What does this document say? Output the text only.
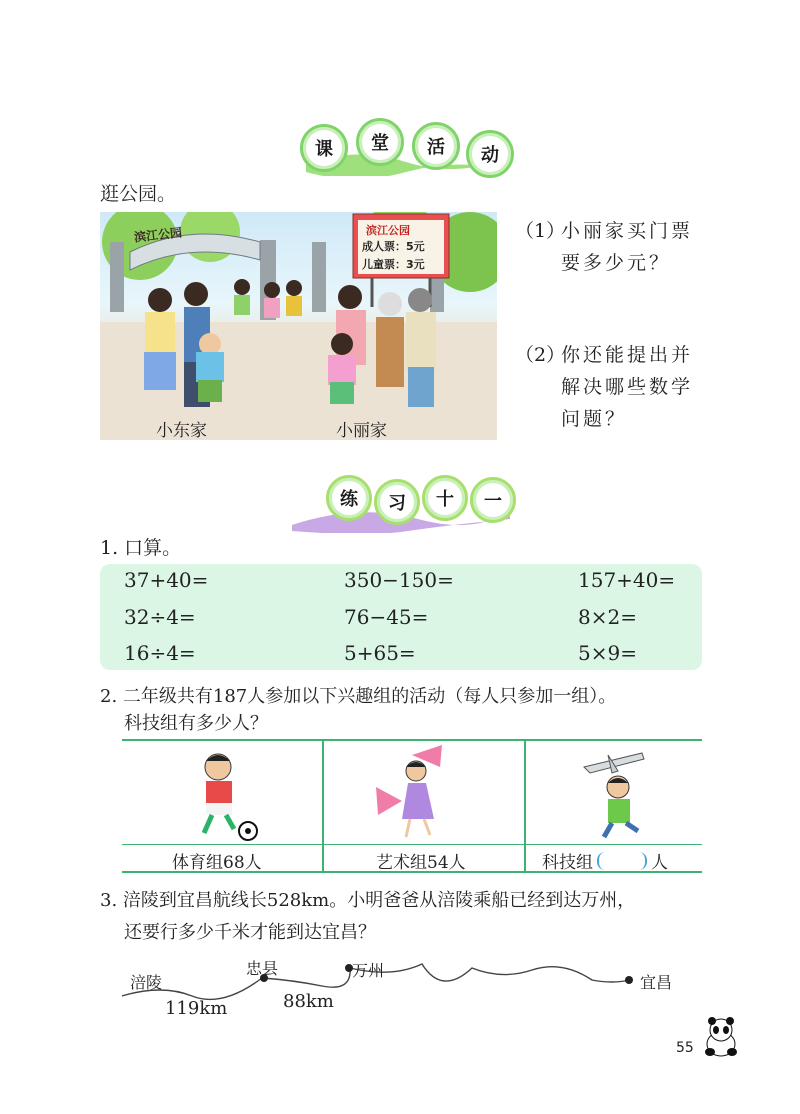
课	堂	活	动
逛公园。
滨江公园	滨江公园
成人票：5元
儿童票：3元
小东家	小丽家
（1）
小丽家买门票
要多少元？
（2）
你还能提出并
解决哪些数学
问题？
练	习	十	一
1. 口算。
37+40=	350−150=	157+40=
32÷4=	76−45=	8×2=
16÷4=	5+65=	5×9=
2. 二年级共有187人参加以下兴趣组的活动（每人只参加一组）。
科技组有多少人？
体育组68人	艺术组54人	科技组	人
3. 涪陵到宜昌航线长528km。小明爸爸从涪陵乘船已经到达万州，
还要行多少千米才能到达宜昌？
涪陵
忠县	万州
宜昌
119km	88km
55
